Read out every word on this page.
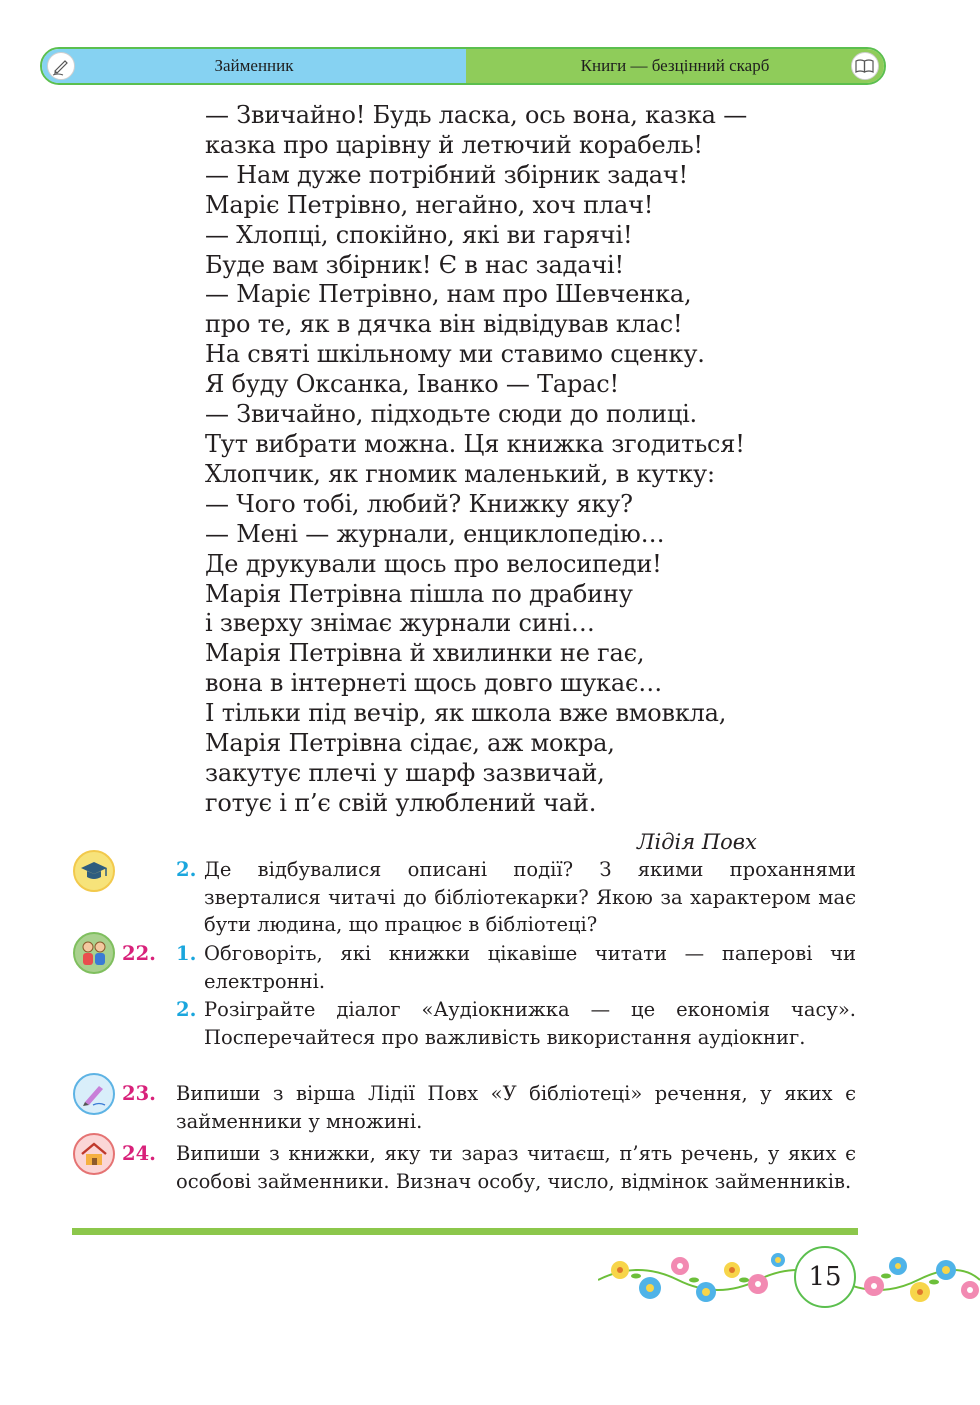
Займенник	Книги — безцінний скарб
— Звичайно! Будь ласка, ось вона, казка —
казка про царівну й летючий корабель!
— Нам дуже потрібний збірник задач!
Маріє Петрівно, негайно, хоч плач!
— Хлопці, спокійно, які ви гарячі!
Буде вам збірник! Є в нас задачі!
— Маріє Петрівно, нам про Шевченка,
про те, як в дячка він відвідував клас!
На святі шкільному ми ставимо сценку.
Я буду Оксанка, Іванко — Тарас!
— Звичайно, підходьте сюди до полиці.
Тут вибрати можна. Ця книжка згодиться!
Хлопчик, як гномик маленький, в кутку:
— Чого тобі, любий? Книжку яку?
— Мені — журнали, енциклопедію…
Де друкували щось про велосипеди!
Марія Петрівна пішла по драбину
і зверху знімає журнали сині…
Марія Петрівна й хвилинки не гає,
вона в інтернеті щось довго шукає…
І тільки під вечір, як школа вже вмовкла,
Марія Петрівна сідає, аж мокра,
закутує плечі у шарф зазвичай,
готує і п’є свій улюблений чай.
Лідія Повх
2. Де відбувалися описані події? З якими проханнями зверталися читачі до бібліотекарки? Якою за характером має бути людина, що працює в бібліотеці?

22. 1. Обговоріть, які книжки цікавіше читати — паперові чи електронні.

2. Розіграйте діалог «Аудіокнижка — це економія часу». Посперечайтеся про важливість використання аудіокниг.

23. Випиши з вірша Лідії Повх «У бібліотеці» речення, у яких є займенники у множині.

24. Випиши з книжки, яку ти зараз читаєш, п’ять речень, у яких є особові займенники. Визнач особу, число, відмінок займенників.

15
